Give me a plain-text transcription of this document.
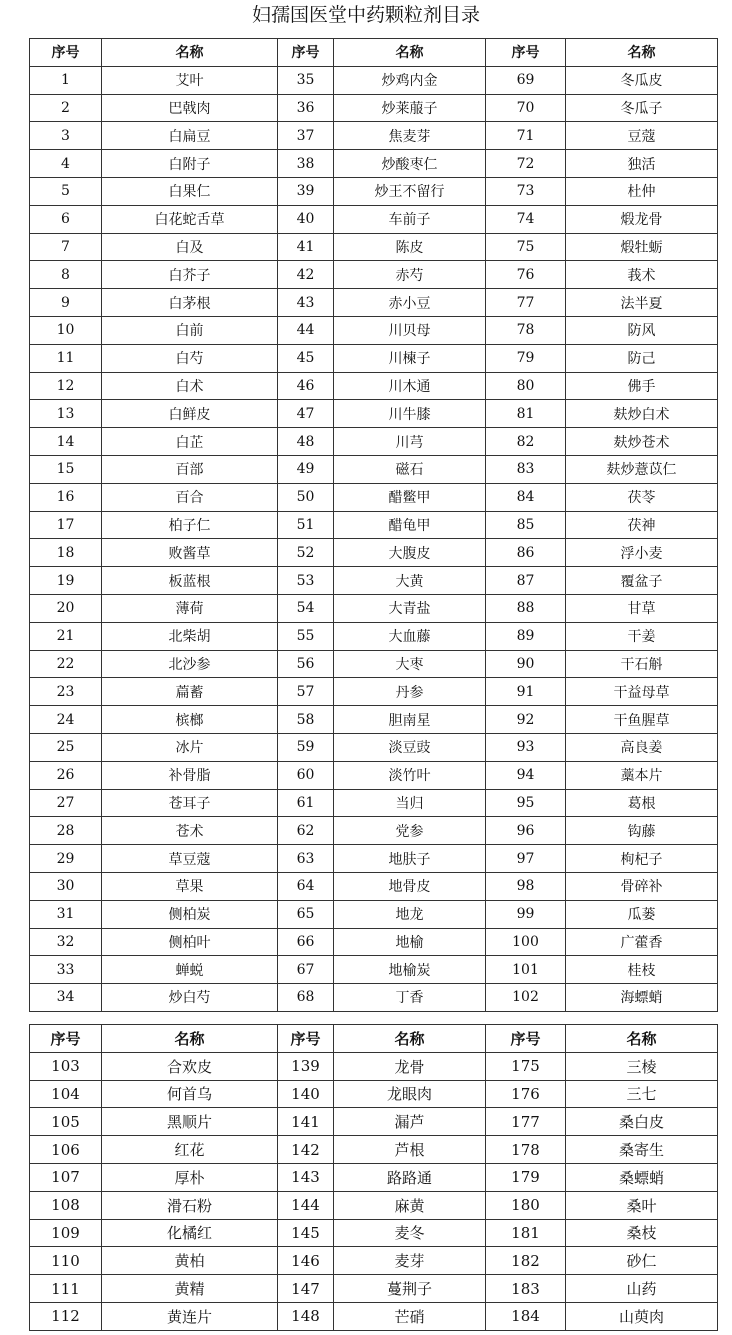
妇孺国医堂中药颗粒剂目录
序号	名称	序号	名称	序号	名称
1	艾叶	35	炒鸡内金	69	冬瓜皮
2	巴戟肉	36	炒莱菔子	70	冬瓜子
3	白扁豆	37	焦麦芽	71	豆蔻
4	白附子	38	炒酸枣仁	72	独活
5	白果仁	39	炒王不留行	73	杜仲
6	白花蛇舌草	40	车前子	74	煅龙骨
7	白及	41	陈皮	75	煅牡蛎
8	白芥子	42	赤芍	76	莪术
9	白茅根	43	赤小豆	77	法半夏
10	白前	44	川贝母	78	防风
11	白芍	45	川楝子	79	防己
12	白术	46	川木通	80	佛手
13	白鲜皮	47	川牛膝	81	麸炒白术
14	白芷	48	川芎	82	麸炒苍术
15	百部	49	磁石	83	麸炒薏苡仁
16	百合	50	醋鳖甲	84	茯苓
17	柏子仁	51	醋龟甲	85	茯神
18	败酱草	52	大腹皮	86	浮小麦
19	板蓝根	53	大黄	87	覆盆子
20	薄荷	54	大青盐	88	甘草
21	北柴胡	55	大血藤	89	干姜
22	北沙参	56	大枣	90	干石斛
23	萹蓄	57	丹参	91	干益母草
24	槟榔	58	胆南星	92	干鱼腥草
25	冰片	59	淡豆豉	93	高良姜
26	补骨脂	60	淡竹叶	94	藁本片
27	苍耳子	61	当归	95	葛根
28	苍术	62	党参	96	钩藤
29	草豆蔻	63	地肤子	97	枸杞子
30	草果	64	地骨皮	98	骨碎补
31	侧柏炭	65	地龙	99	瓜蒌
32	侧柏叶	66	地榆	100	广藿香
33	蝉蜕	67	地榆炭	101	桂枝
34	炒白芍	68	丁香	102	海螵蛸
序号	名称	序号	名称	序号	名称
103	合欢皮	139	龙骨	175	三棱
104	何首乌	140	龙眼肉	176	三七
105	黑顺片	141	漏芦	177	桑白皮
106	红花	142	芦根	178	桑寄生
107	厚朴	143	路路通	179	桑螵蛸
108	滑石粉	144	麻黄	180	桑叶
109	化橘红	145	麦冬	181	桑枝
110	黄柏	146	麦芽	182	砂仁
111	黄精	147	蔓荆子	183	山药
112	黄连片	148	芒硝	184	山萸肉
